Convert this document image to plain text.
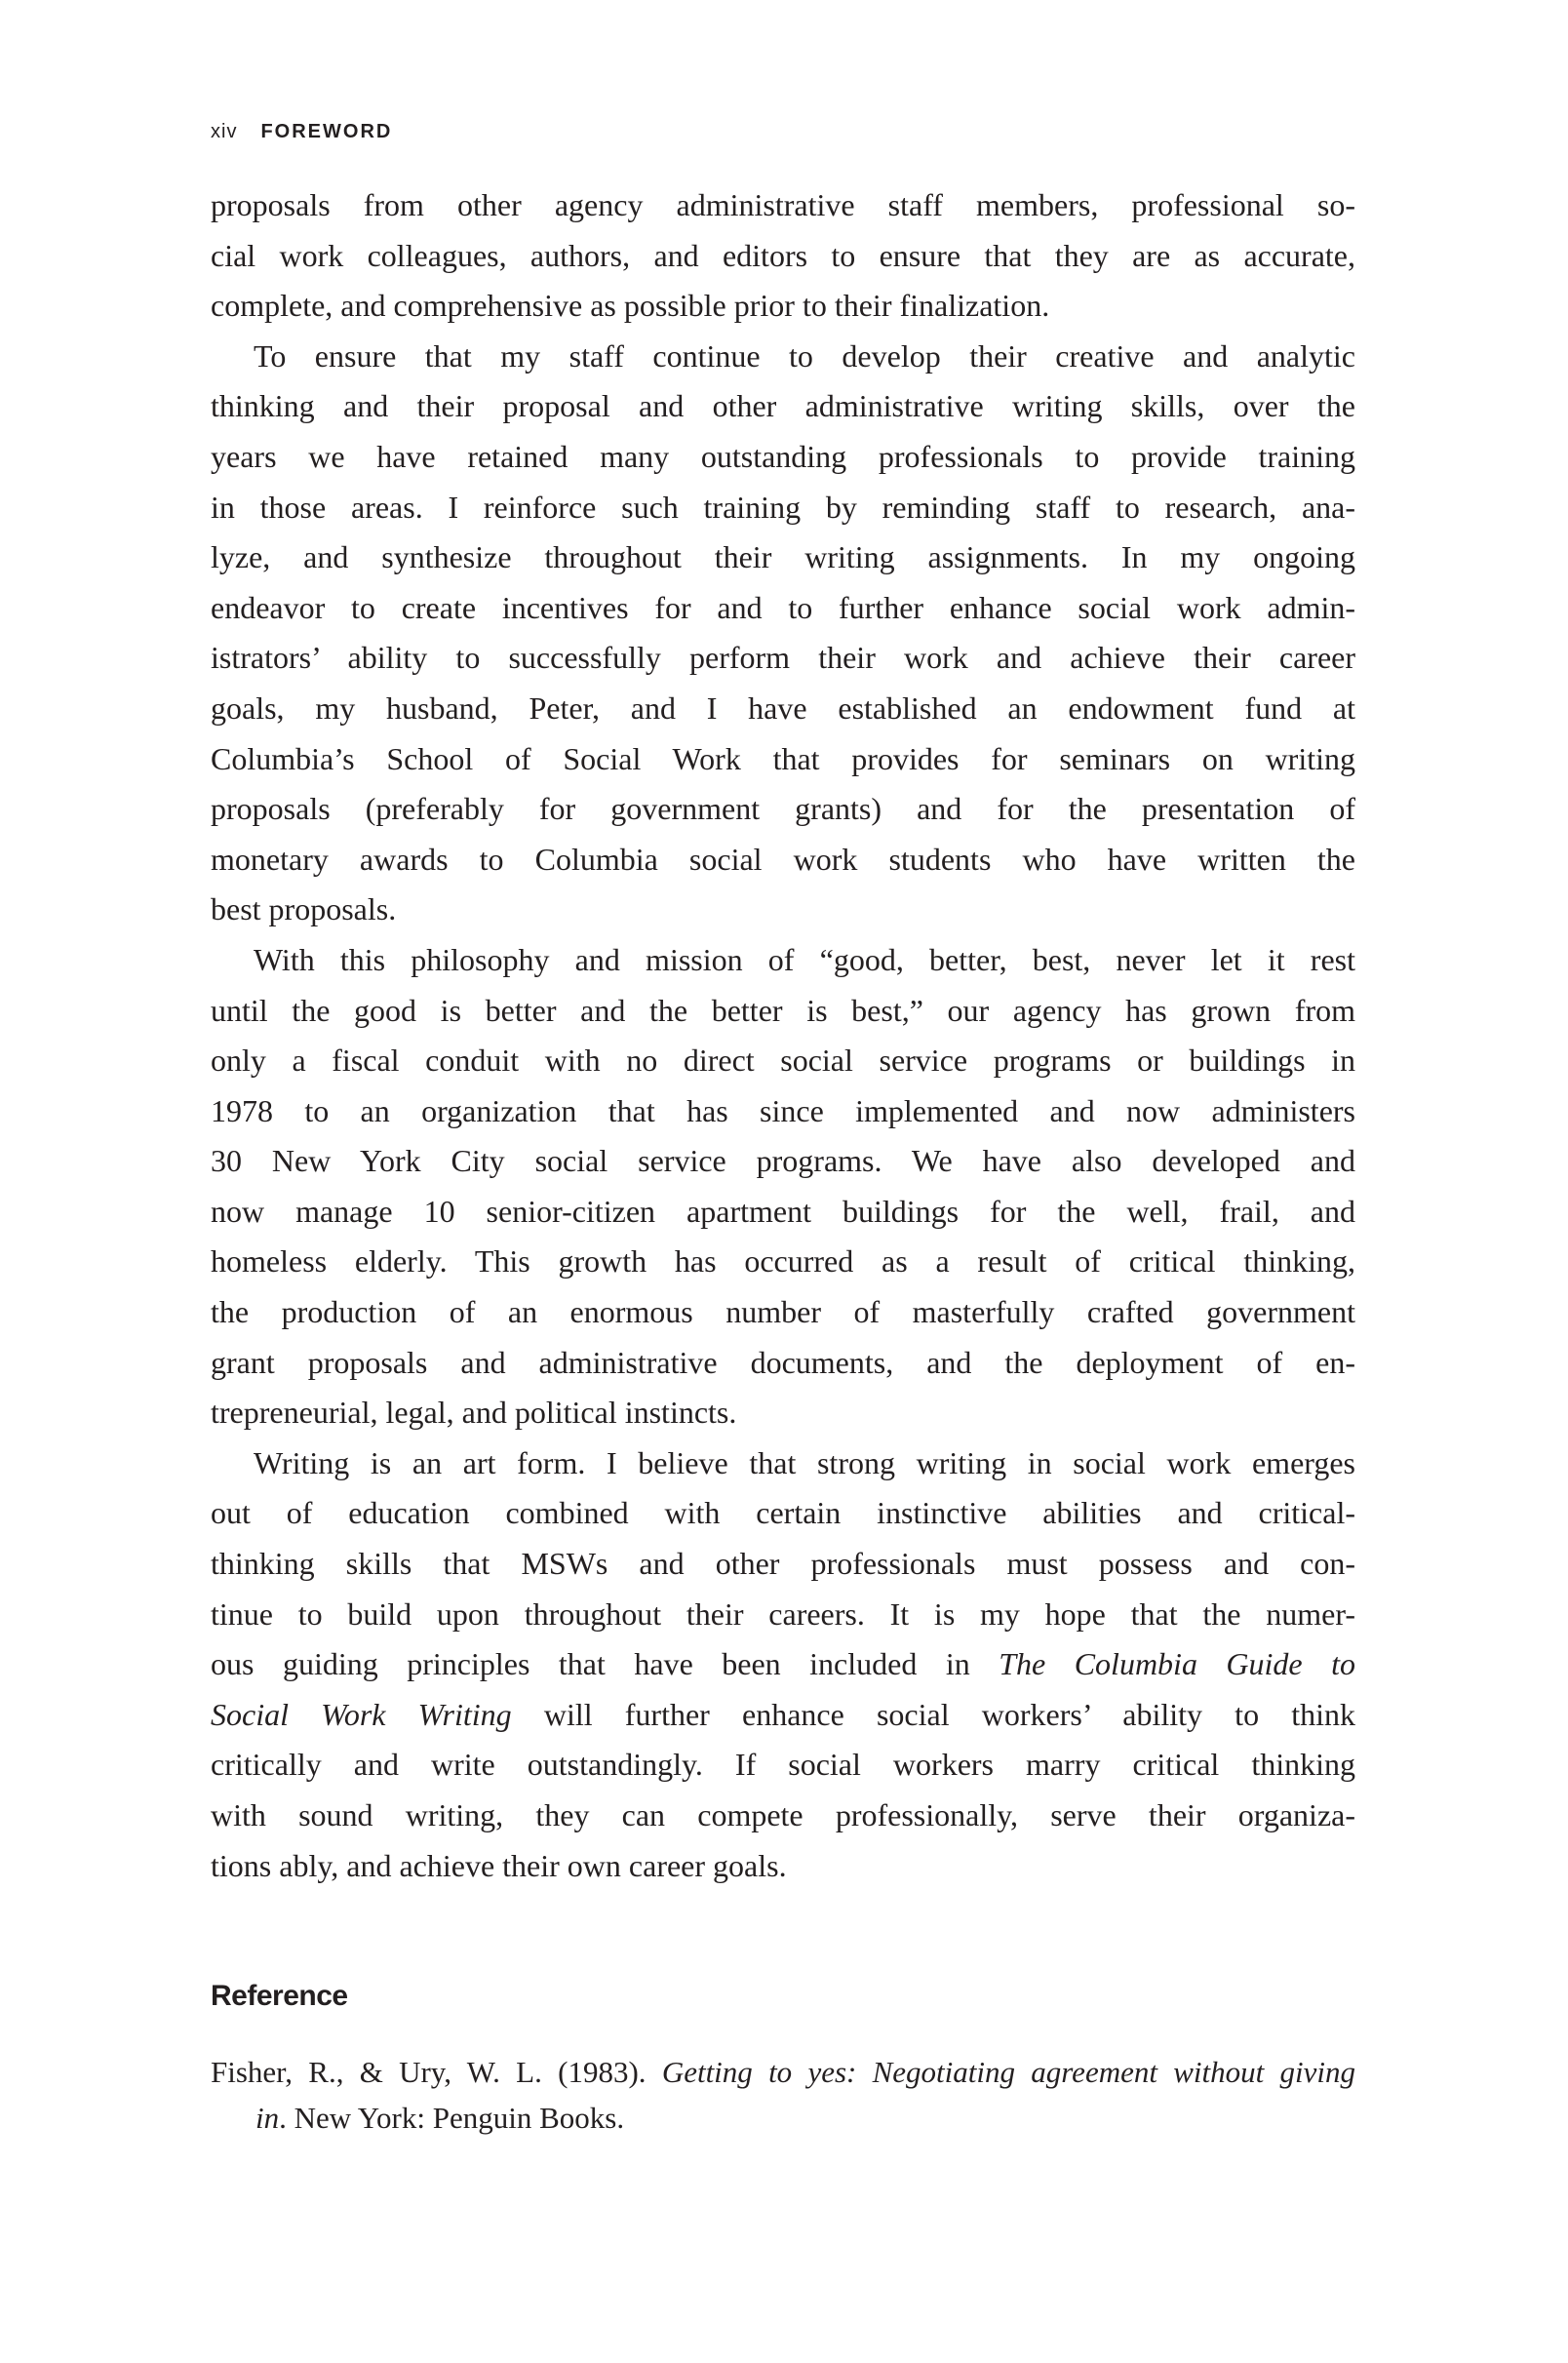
xiv FOREWORD
proposals from other agency administrative staff members, professional so-
cial work colleagues, authors, and editors to ensure that they are as accurate,
complete, and comprehensive as possible prior to their finalization.
To ensure that my staff continue to develop their creative and analytic
thinking and their proposal and other administrative writing skills, over the
years we have retained many outstanding professionals to provide training
in those areas. I reinforce such training by reminding staff to research, ana-
lyze, and synthesize throughout their writing assignments. In my ongoing
endeavor to create incentives for and to further enhance social work admin-
istrators’ ability to successfully perform their work and achieve their career
goals, my husband, Peter, and I have established an endowment fund at
Columbia’s School of Social Work that provides for seminars on writing
proposals (preferably for government grants) and for the presentation of
monetary awards to Columbia social work students who have written the
best proposals.
With this philosophy and mission of “good, better, best, never let it rest
until the good is better and the better is best,” our agency has grown from
only a fiscal conduit with no direct social service programs or buildings in
1978 to an organization that has since implemented and now administers
30 New York City social service programs. We have also developed and
now manage 10 senior-citizen apartment buildings for the well, frail, and
homeless elderly. This growth has occurred as a result of critical thinking,
the production of an enormous number of masterfully crafted government
grant proposals and administrative documents, and the deployment of en-
trepreneurial, legal, and political instincts.
Writing is an art form. I believe that strong writing in social work emerges
out of education combined with certain instinctive abilities and critical-
thinking skills that MSWs and other professionals must possess and con-
tinue to build upon throughout their careers. It is my hope that the numer-
ous guiding principles that have been included in The Columbia Guide to
Social Work Writing will further enhance social workers’ ability to think
critically and write outstandingly. If social workers marry critical thinking
with sound writing, they can compete professionally, serve their organiza-
tions ably, and achieve their own career goals.
Reference
Fisher, R., & Ury, W. L. (1983). Getting to yes: Negotiating agreement without giving
in. New York: Penguin Books.
